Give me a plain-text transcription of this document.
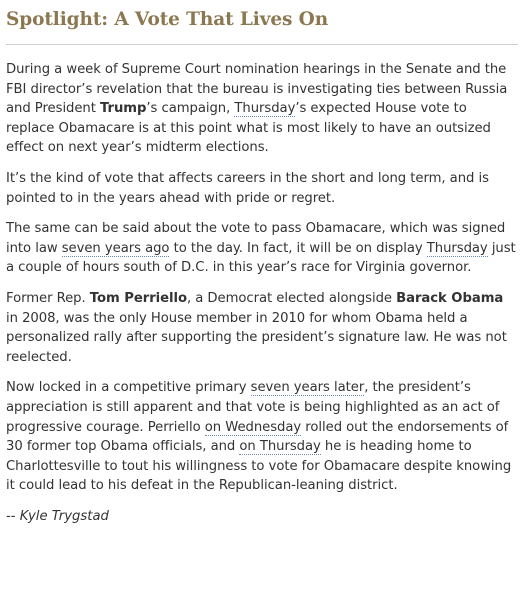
Spotlight: A Vote That Lives On

During a week of Supreme Court nomination hearings in the Senate and the FBI director’s revelation that the bureau is investigating ties between Russia and President Trump’s campaign, Thursday’s expected House vote to replace Obamacare is at this point what is most likely to have an outsized effect on next year’s midterm elections.

It’s the kind of vote that affects careers in the short and long term, and is pointed to in the years ahead with pride or regret.

The same can be said about the vote to pass Obamacare, which was signed into law seven years ago to the day. In fact, it will be on display Thursday just a couple of hours south of D.C. in this year’s race for Virginia governor.

Former Rep. Tom Perriello, a Democrat elected alongside Barack Obama in 2008, was the only House member in 2010 for whom Obama held a personalized rally after supporting the president’s signature law. He was not reelected.

Now locked in a competitive primary seven years later, the president’s appreciation is still apparent and that vote is being highlighted as an act of progressive courage. Perriello on Wednesday rolled out the endorsements of 30 former top Obama officials, and on Thursday he is heading home to Charlottesville to tout his willingness to vote for Obamacare despite knowing it could lead to his defeat in the Republican-leaning district.

-- Kyle Trygstad
